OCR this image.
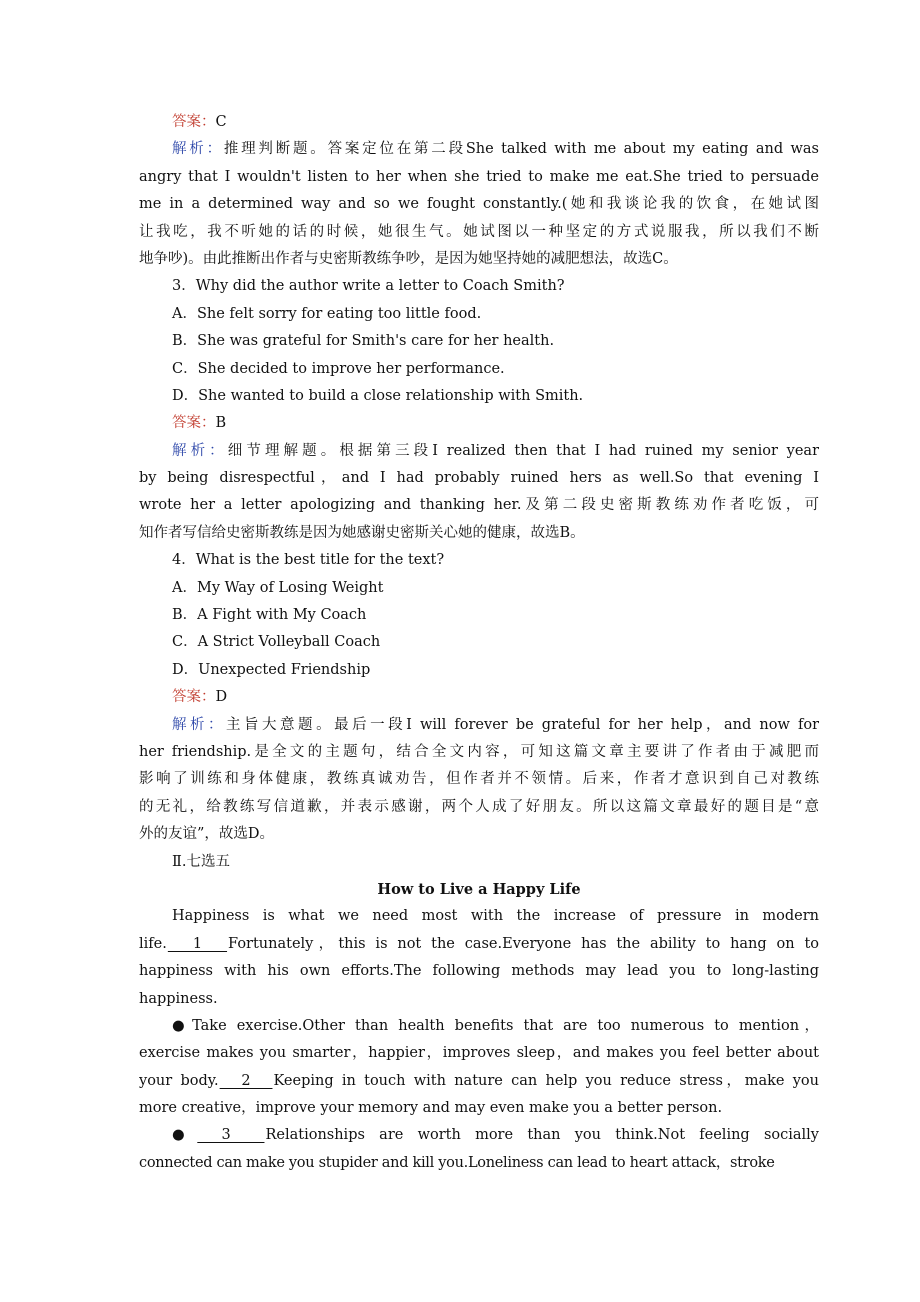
答案：C
解析：推理判断题。答案定位在第二段She talked with me about my eating and was
angry that I wouldn't listen to her when she tried to make me eat.She tried to persuade
me in a determined way and so we fought constantly.(她和我谈论我的饮食，在她试图
让我吃，我不听她的话的时候，她很生气。她试图以一种坚定的方式说服我，所以我们不断
地争吵)。由此推断出作者与史密斯教练争吵，是因为她坚持她的减肥想法，故选C。
3．Why did the author write a letter to Coach Smith?
A．She felt sorry for eating too little food.
B．She was grateful for Smith's care for her health.
C．She decided to improve her performance.
D．She wanted to build a close relationship with Smith.
答案：B
解析：细节理解题。根据第三段I realized then that I had ruined my senior year
by being disrespectful，and I had probably ruined hers as well.So that evening I
wrote her a letter apologizing and thanking her.及第二段史密斯教练劝作者吃饭，可
知作者写信给史密斯教练是因为她感谢史密斯关心她的健康，故选B。
4．What is the best title for the text?
A．My Way of Losing Weight
B．A Fight with My Coach
C．A Strict Volleyball Coach
D．Unexpected Friendship
答案：D
解析：主旨大意题。最后一段I will forever be grateful for her help，and now for
her friendship.是全文的主题句，结合全文内容，可知这篇文章主要讲了作者由于减肥而
影响了训练和身体健康，教练真诚劝告，但作者并不领情。后来，作者才意识到自己对教练
的无礼，给教练写信道歉，并表示感谢，两个人成了好朋友。所以这篇文章最好的题目是“意
外的友谊”，故选D。
Ⅱ.七选五
How to Live a Happy Life
Happiness is what we need most with the increase of pressure in modern
life.　1　Fortunately，this is not the case.Everyone has the ability to hang on to
happiness with his own efforts.The following methods may lead you to long-lasting
happiness.
● Take exercise.Other than health benefits that are too numerous to mention，
exercise makes you smarter，happier，improves sleep，and makes you feel better about
your body.　2　Keeping in touch with nature can help you reduce stress，make you
more creative，improve your memory and may even make you a better person.
●　3　Relationships are worth more than you think.Not feeling socially
connected can make you stupider and kill you.Loneliness can lead to heart attack，stroke
